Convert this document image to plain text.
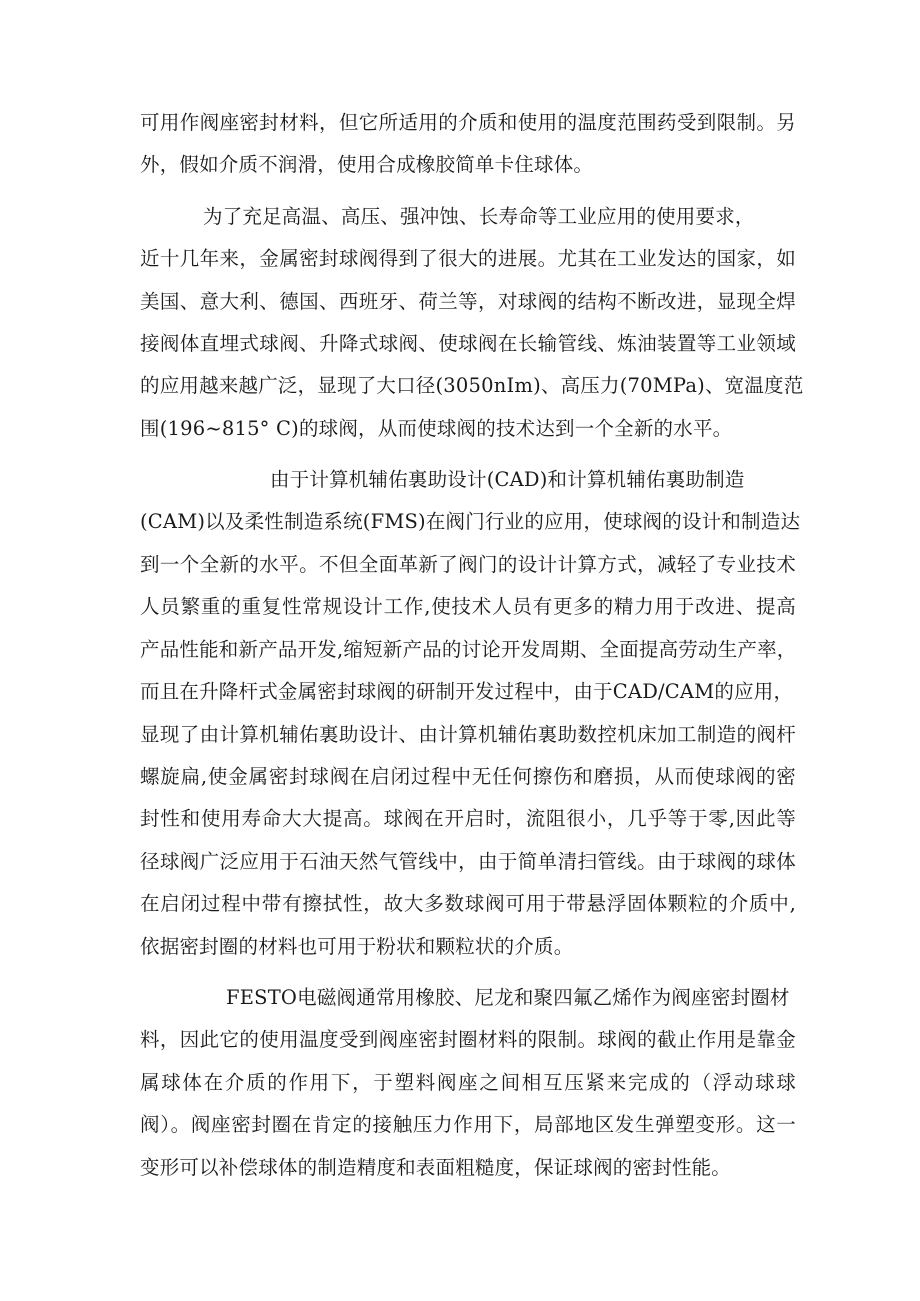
可用作阀座密封材料，但它所适用的介质和使用的温度范围药受到限制。另
外，假如介质不润滑，使用合成橡胶简单卡住球体。
为了充足高温、高压、强冲蚀、长寿命等工业应用的使用要求，
近十几年来，金属密封球阀得到了很大的进展。尤其在工业发达的国家，如
美国、意大利、德国、西班牙、荷兰等，对球阀的结构不断改进，显现全焊
接阀体直埋式球阀、升降式球阀、使球阀在长输管线、炼油装置等工业领域
的应用越来越广泛，显现了大口径(3050nIm)、高压力(70MPa)、宽温度范
围(196~815° C)的球阀，从而使球阀的技术达到一个全新的水平。
由于计算机辅佑裏助设计(CAD)和计算机辅佑裏助制造
(CAM)以及柔性制造系统(FMS)在阀门行业的应用，使球阀的设计和制造达
到一个全新的水平。不但全面革新了阀门的设计计算方式，减轻了专业技术
人员繁重的重复性常规设计工作,使技术人员有更多的精力用于改进、提高
产品性能和新产品开发,缩短新产品的讨论开发周期、全面提高劳动生产率，
而且在升降杆式金属密封球阀的研制开发过程中，由于CAD/CAM的应用，
显现了由计算机辅佑裏助设计、由计算机辅佑裏助数控机床加工制造的阀杆
螺旋扁,使金属密封球阀在启闭过程中无任何擦伤和磨损，从而使球阀的密
封性和使用寿命大大提高。球阀在开启时，流阻很小，几乎等于零,因此等
径球阀广泛应用于石油天然气管线中，由于简单清扫管线。由于球阀的球体
在启闭过程中带有擦拭性，故大多数球阀可用于带悬浮固体颗粒的介质中,
依据密封圈的材料也可用于粉状和颗粒状的介质。
FESTO电磁阀通常用橡胶、尼龙和聚四氟乙烯作为阀座密封圈材
料，因此它的使用温度受到阀座密封圈材料的限制。球阀的截止作用是靠金
属球体在介质的作用下，于塑料阀座之间相互压紧来完成的（浮动球球
阀）。阀座密封圈在肯定的接触压力作用下，局部地区发生弹塑变形。这一
变形可以补偿球体的制造精度和表面粗糙度，保证球阀的密封性能。
